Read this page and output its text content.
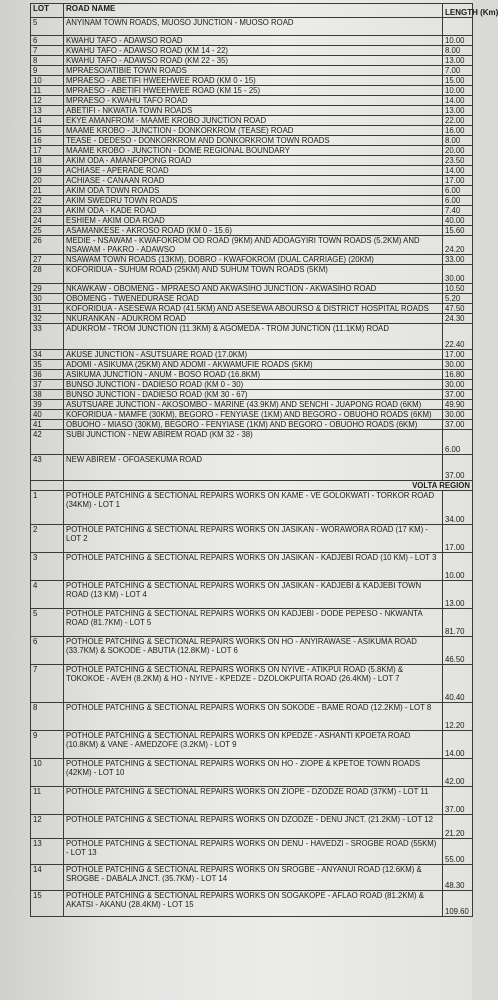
LOT	ROAD NAME	LENGTH (Km)
5	ANYINAM TOWN ROADS, MUOSO JUNCTION - MUOSO ROAD	
6	KWAHU TAFO - ADAWSO ROAD	10.00
7	KWAHU TAFO - ADAWSO ROAD (KM 14 - 22)	8.00
8	KWAHU TAFO - ADAWSO ROAD (KM 22 - 35)	13.00
9	MPRAESO/ATIBIE TOWN ROADS	7.00
10	MPRAESO - ABETIFI HWEEHWEE ROAD (KM 0 - 15)	15.00
11	MPRAESO - ABETIFI HWEEHWEE ROAD (KM 15 - 25)	10.00
12	MPRAESO - KWAHU TAFO ROAD	14.00
13	ABETIFI - NKWATIA TOWN ROADS	13.00
14	EKYE AMANFROM - MAAME KROBO JUNCTION ROAD	22.00
15	MAAME KROBO - JUNCTION - DONKORKROM (TEASE) ROAD	16.00
16	TEASE - DEDESO - DONKORKROM AND DONKORKROM TOWN ROADS	8.00
17	MAAME KROBO - JUNCTION - DOME REGIONAL BOUNDARY	20.00
18	AKIM ODA - AMANFOPONG ROAD	23.50
19	ACHIASE - APERADE ROAD	14.00
20	ACHIASE - CANAAN ROAD	17.00
21	AKIM ODA TOWN ROADS	6.00
22	AKIM SWEDRU TOWN ROADS	6.00
23	AKIM ODA - KADE ROAD	7.40
24	ESHIEM - AKIM ODA ROAD	40.00
25	ASAMANKESE - AKROSO ROAD (KM 0 - 15.6)	15.60
26	MEDIE - NSAWAM - KWAFOKROM OD ROAD (9KM) AND ADOAGYIRI TOWN ROADS (5.2KM) AND NSAWAM - PAKRO - ADAWSO	24.20
27	NSAWAM TOWN ROADS (13KM), DOBRO - KWAFOKROM (DUAL CARRIAGE) (20KM)	33.00
28	KOFORIDUA - SUHUM ROAD (25KM) AND SUHUM TOWN ROADS (5KM)	30.00
29	NKAWKAW - OBOMENG - MPRAESO AND AKWASIHO JUNCTION - AKWASIHO ROAD	10.50
30	OBOMENG - TWENEDURASE ROAD	5.20
31	KOFORIDUA - ASESEWA ROAD (41.5KM) AND ASESEWA ABOURSO & DISTRICT HOSPITAL ROADS	47.50
32	NKURANKAN - ADUKROM ROAD	24.30
33	ADUKROM - TROM JUNCTION (11.3KM) & AGOMEDA - TROM JUNCTION (11.1KM) ROAD	22.40
34	AKUSE JUNCTION - ASUTSUARE ROAD (17.0KM)	17.00
35	ADOMI - ASIKUMA (25KM) AND ADOMI - AKWAMUFIE ROADS (5KM)	30.00
36	ASIKUMA JUNCTION - ANUM - BOSO ROAD (16.8KM)	16.80
37	BUNSO JUNCTION - DADIESO ROAD (KM 0 - 30)	30.00
38	BUNSO JUNCTION - DADIESO ROAD (KM 30 - 67)	37.00
39	ASUTSUARE JUNCTION - AKOSOMBO - MARINE (43.9KM) AND SENCHI - JUAPONG ROAD (6KM)	49.90
40	KOFORIDUA - MAMFE (30KM), BEGORO - FENYIASE (1KM) AND BEGORO - OBUOHO ROADS (6KM)	30.00
41	OBUOHO - MIASO (30KM), BEGORO - FENYIASE (1KM) AND BEGORO - OBUOHO ROADS (6KM)	37.00
42	SUBI JUNCTION - NEW ABIREM ROAD (KM 32 - 38)	6.00
43	NEW ABIREM - OFOASEKUMA ROAD	37.00
	VOLTA REGION	
1	POTHOLE PATCHING & SECTIONAL REPAIRS WORKS ON KAME - VE GOLOKWATI - TORKOR ROAD (34KM) - LOT 1	34.00
2	POTHOLE PATCHING & SECTIONAL REPAIRS WORKS ON JASIKAN - WORAWORA ROAD (17 KM) - LOT 2	17.00
3	POTHOLE PATCHING & SECTIONAL REPAIRS WORKS ON JASIKAN - KADJEBI ROAD (10 KM) - LOT 3	10.00
4	POTHOLE PATCHING & SECTIONAL REPAIRS WORKS ON JASIKAN - KADJEBI & KADJEBI TOWN ROAD (13 KM) - LOT 4	13.00
5	POTHOLE PATCHING & SECTIONAL REPAIRS WORKS ON KADJEBI - DODE PEPESO - NKWANTA ROAD (81.7KM) - LOT 5	81.70
6	POTHOLE PATCHING & SECTIONAL REPAIRS WORKS ON HO - ANYIRAWASE - ASIKUMA ROAD (33.7KM) & SOKODE - ABUTIA (12.8KM) - LOT 6	46.50
7	POTHOLE PATCHING & SECTIONAL REPAIRS WORKS ON NYIVE - ATIKPUI ROAD (5.8KM) & TOKOKOE - AVEH (8.2KM) & HO - NYIVE - KPEDZE - DZOLOKPUITA ROAD (26.4KM) - LOT 7	40.40
8	POTHOLE PATCHING & SECTIONAL REPAIRS WORKS ON SOKODE - BAME ROAD (12.2KM) - LOT 8	12.20
9	POTHOLE PATCHING & SECTIONAL REPAIRS WORKS ON KPEDZE - ASHANTI KPOETA ROAD (10.8KM) & VANE - AMEDZOFE (3.2KM) - LOT 9	14.00
10	POTHOLE PATCHING & SECTIONAL REPAIRS WORKS ON HO - ZIOPE & KPETOE TOWN ROADS (42KM) - LOT 10	42.00
11	POTHOLE PATCHING & SECTIONAL REPAIRS WORKS ON ZIOPE - DZODZE ROAD (37KM) - LOT 11	37.00
12	POTHOLE PATCHING & SECTIONAL REPAIRS WORKS ON DZODZE - DENU JNCT. (21.2KM) - LOT 12	21.20
13	POTHOLE PATCHING & SECTIONAL REPAIRS WORKS ON DENU - HAVEDZI - SROGBE ROAD (55KM) - LOT 13	55.00
14	POTHOLE PATCHING & SECTIONAL REPAIRS WORKS ON SROGBE - ANYANUI ROAD (12.6KM) & SROGBE - DABALA JNCT. (35.7KM) - LOT 14	48.30
15	POTHOLE PATCHING & SECTIONAL REPAIRS WORKS ON SOGAKOPE - AFLAO ROAD (81.2KM) & AKATSI - AKANU (28.4KM) - LOT 15	109.60
